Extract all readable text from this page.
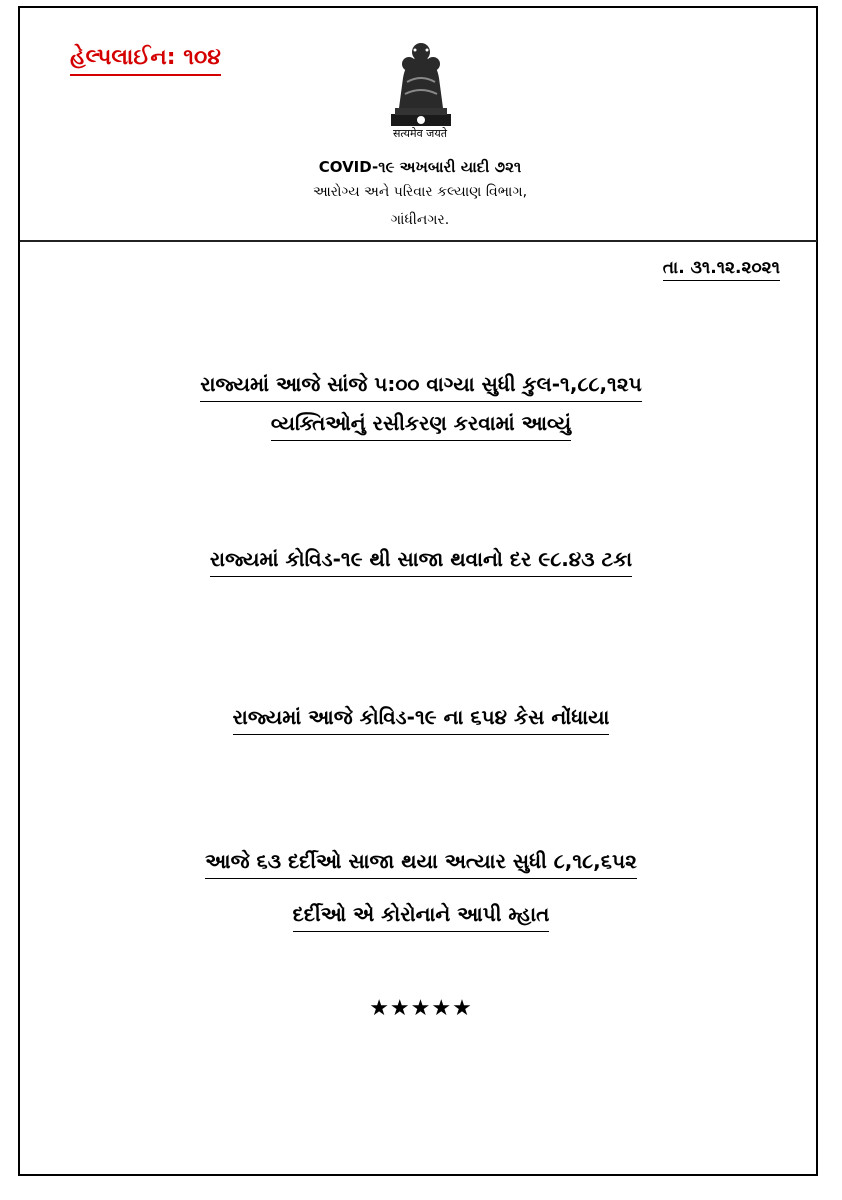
હેલ્પલાઈન: ૧૦૪
सत्यमेव जयते
COVID-૧૯ અખબારી યાદી ૭૨૧
આરોગ્ય અને પરિવાર કલ્યાણ વિભાગ,
ગાંધીનગર.
તા. ૩૧.૧૨.૨૦૨૧
રાજ્યમાં આજે સાંજે ૫:૦૦ વાગ્યા સુધી કુલ-૧,૮૮,૧૨૫
વ્યક્તિઓનું રસીકરણ કરવામાં આવ્યું
રાજ્યમાં કોવિડ-૧૯ થી સાજા થવાનો દર ૯૮.૪૩ ટકા
રાજ્યમાં આજે કોવિડ-૧૯ ના ૬૫૪ કેસ નોંધાયા
આજે ૬૩ દર્દીઓ સાજા થયા અત્યાર સુધી ૮,૧૮,૬૫૨
દર્દીઓ એ કોરોનાને આપી મ્હાત
★★★★★
